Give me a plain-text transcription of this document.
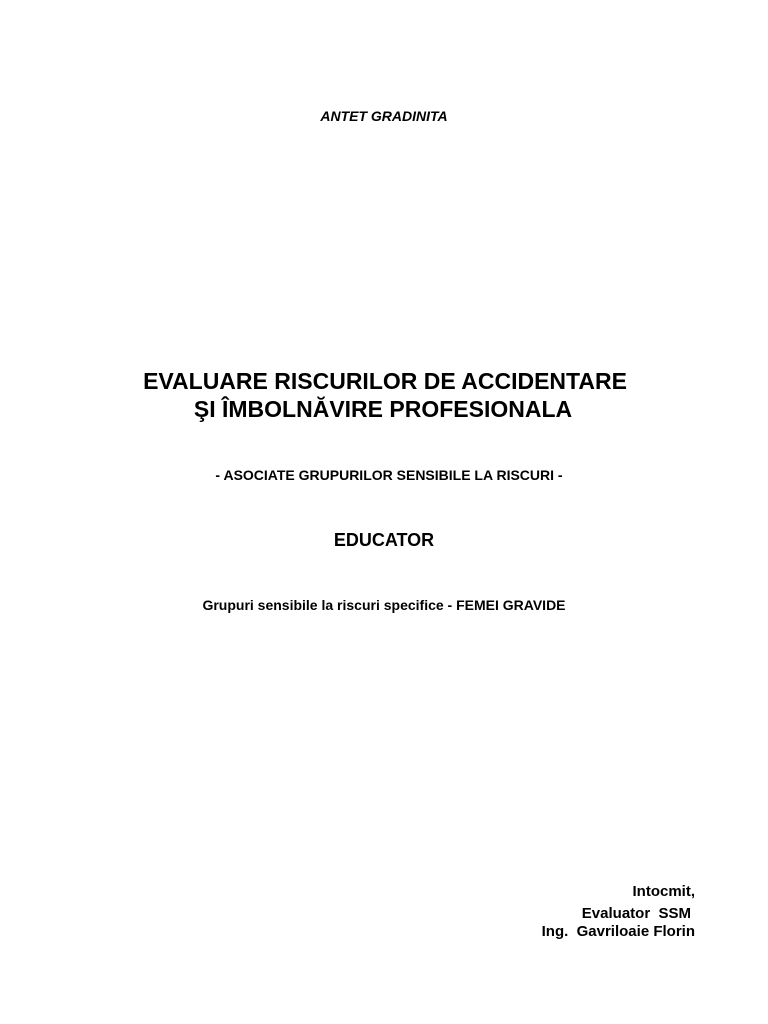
ANTET GRADINITA
EVALUARE RISCURILOR DE ACCIDENTARE
ŞI ÎMBOLNĂVIRE PROFESIONALA
- ASOCIATE GRUPURILOR SENSIBILE LA RISCURI -
EDUCATOR
Grupuri sensibile la riscuri specifice - FEMEI GRAVIDE
Intocmit,
Evaluator  SSM
Ing.  Gavriloaie Florin
